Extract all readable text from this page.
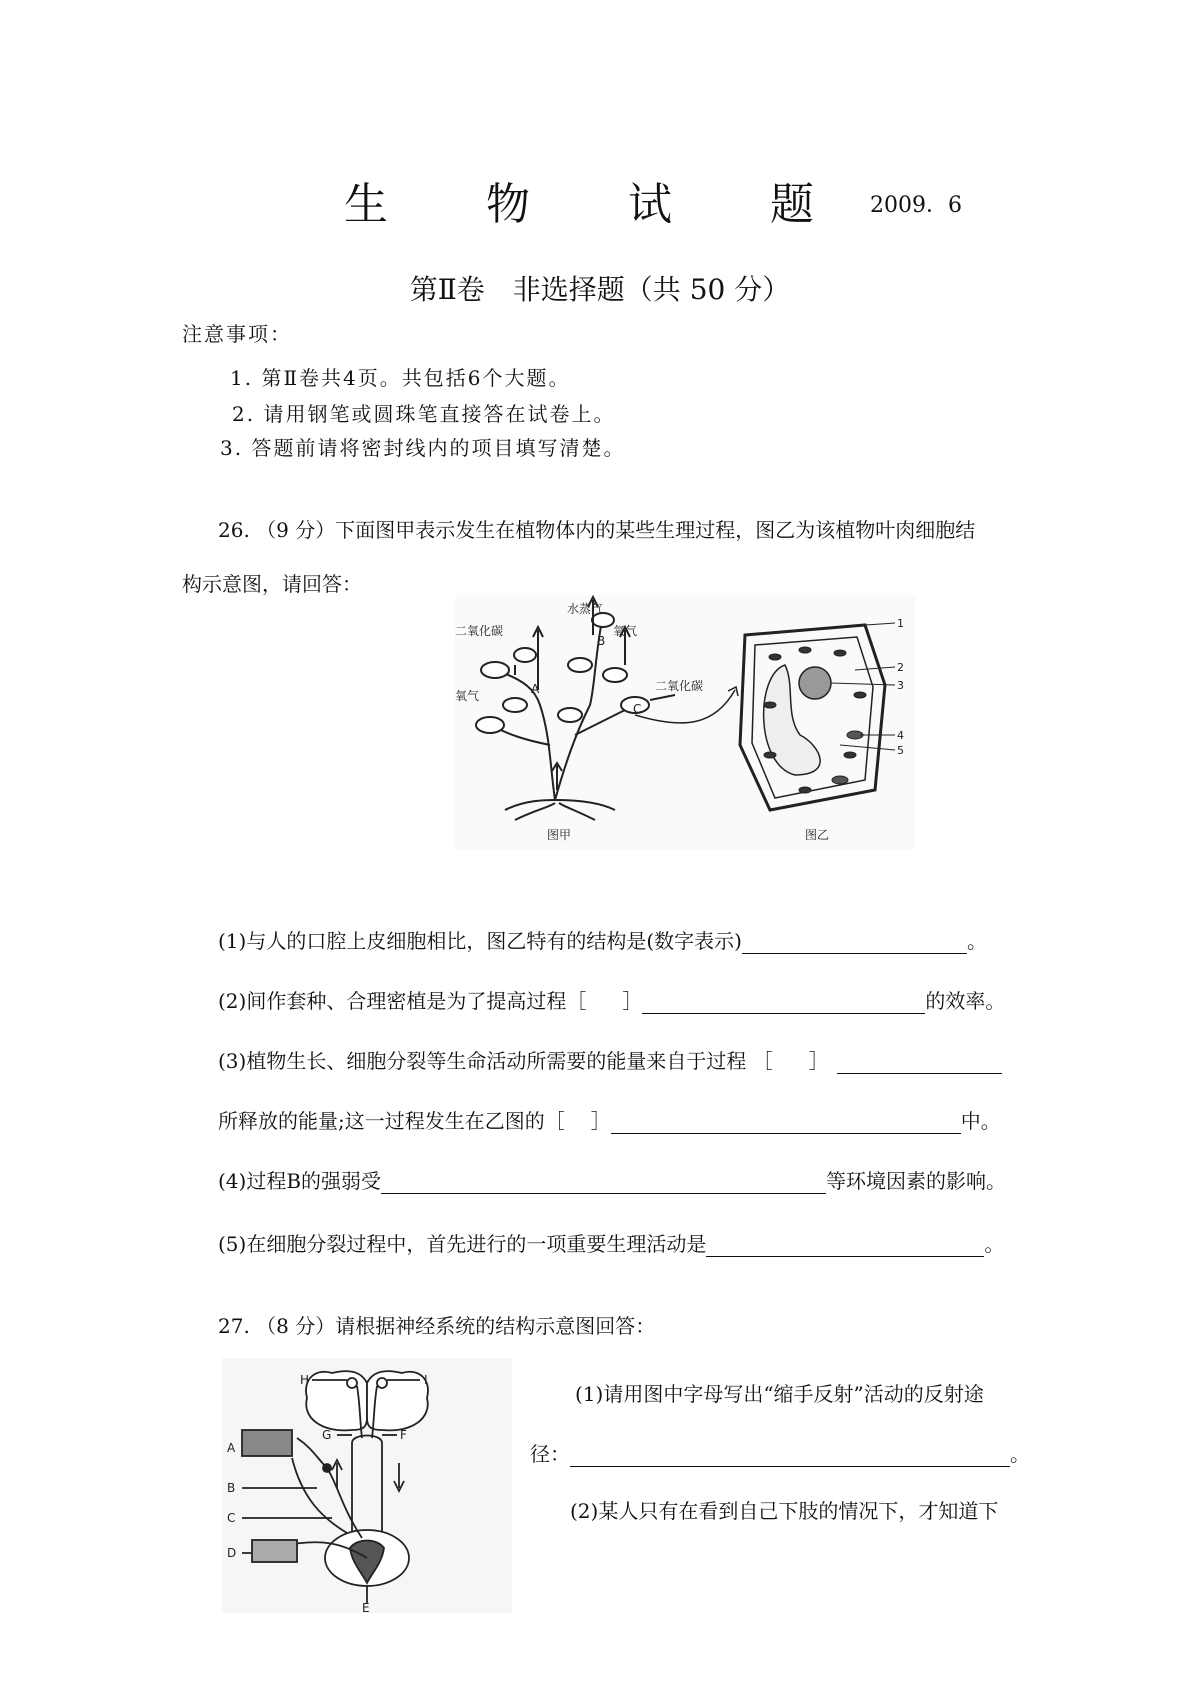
生 物 试 题 2009．6
第Ⅱ卷　非选择题（共 50 分）
注意事项：
1. 第Ⅱ卷共4页。共包括6个大题。
2. 请用钢笔或圆珠笔直接答在试卷上。
3. 答题前请将密封线内的项目填写清楚。
26. （9 分）下面图甲表示发生在植物体内的某些生理过程，图乙为该植物叶肉细胞结
构示意图，请回答：
水蒸气
二氧化碳	氧气
氧气
二氧化碳
A
B
C
图甲	图乙
1
2
3
4
5
(1)与人的口腔上皮细胞相比，图乙特有的结构是(数字表示)	。
(2)间作套种、合理密植是为了提高过程［ ］	的效率。
(3)植物生长、细胞分裂等生命活动所需要的能量来自于过程 ［ ］
所释放的能量;这一过程发生在乙图的［ ］	中。
(4)过程B的强弱受	等环境因素的影响。
(5)在细胞分裂过程中，首先进行的一项重要生理活动是	。
27. （8 分）请根据神经系统的结构示意图回答：
H	I
G	F
A
B
C
D
E
(1)请用图中字母写出“缩手反射”活动的反射途
径：	。
(2)某人只有在看到自己下肢的情况下，才知道下
